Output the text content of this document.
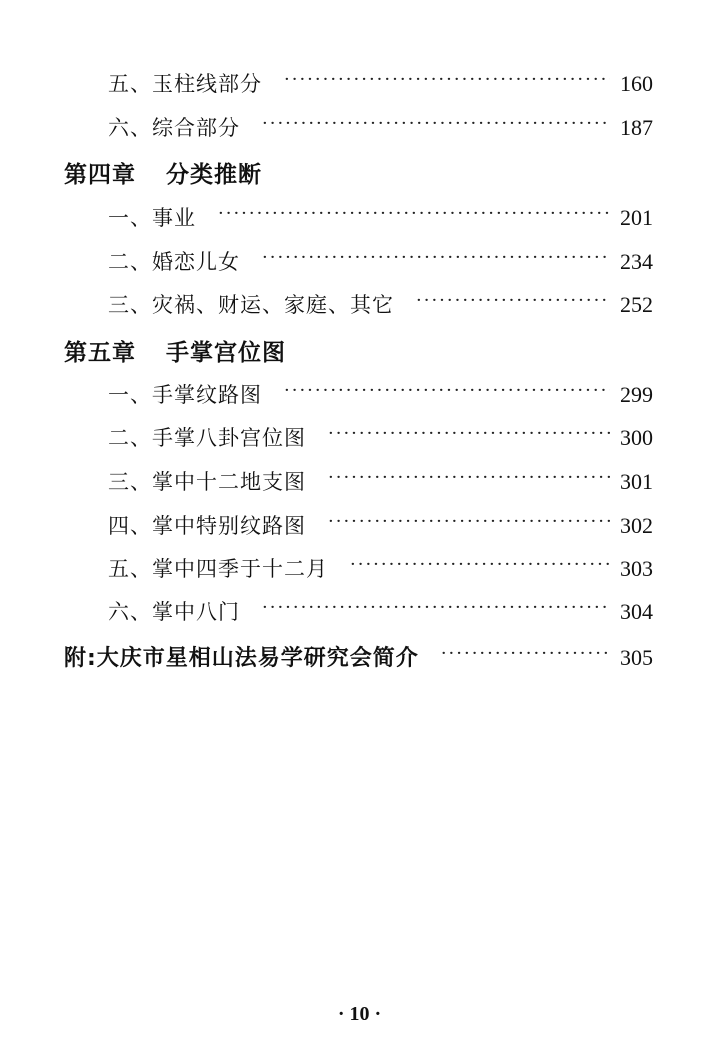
五、玉柱线部分 ·····	160
六、综合部分 ·····	187
第四章 分类推断
一、事业 ·····	201
二、婚恋儿女 ·····	234
三、灾祸、财运、家庭、其它 ·····	252
第五章 手掌宫位图
一、手掌纹路图 ·····	299
二、手掌八卦宫位图 ·····	300
三、掌中十二地支图 ·····	301
四、掌中特别纹路图 ·····	302
五、掌中四季于十二月 ·····	303
六、掌中八门 ·····	304
附:大庆市星相山法易学研究会简介 ·····	305
· 10 ·
